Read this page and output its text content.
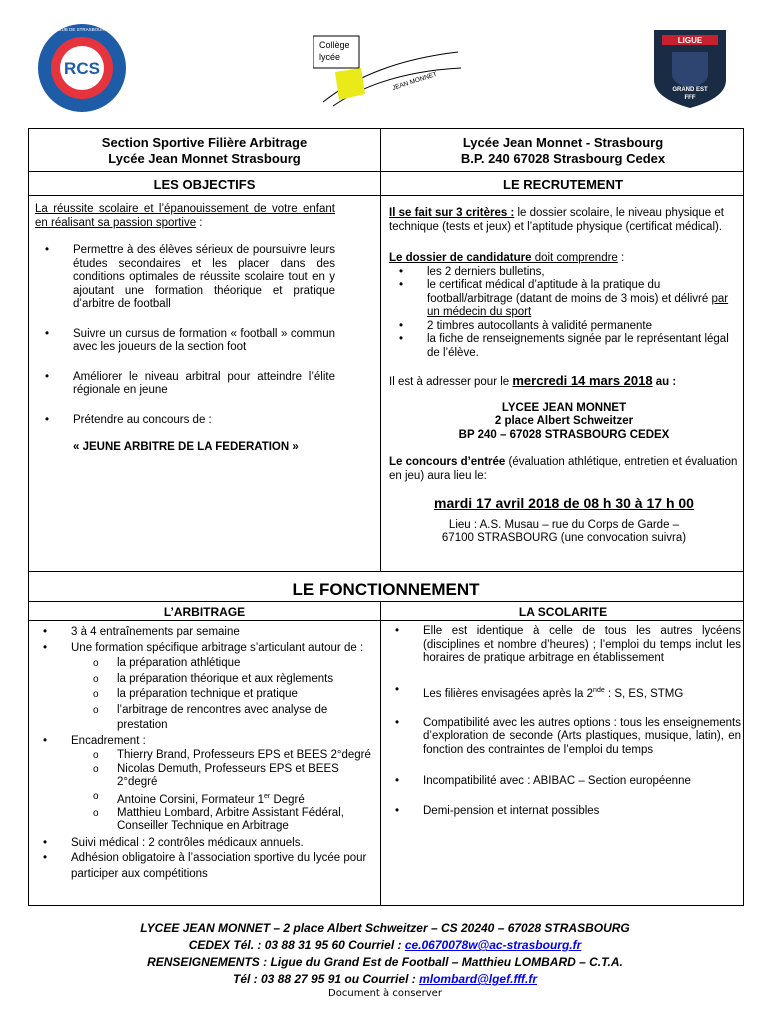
RCS
RACING CLUB DE STRASBOURG ALSACE
Collège
lycée
JEAN MONNET
LIGUE
GRAND EST
FFF
Section Sportive Filière Arbitrage
Lycée Jean Monnet Strasbourg
Lycée Jean Monnet - Strasbourg
B.P. 240 67028 Strasbourg Cedex
LES OBJECTIFS	LE RECRUTEMENT

La réussite scolaire et l’épanouissement de votre enfant en réalisant sa passion sportive :

• Permettre à des élèves sérieux de poursuivre leurs études secondaires et les placer dans des conditions optimales de réussite scolaire tout en y ajoutant une formation théorique et pratique d’arbitre de football
• Suivre un cursus de formation « football » commun avec les joueurs de la section foot
• Améliorer le niveau arbitral pour atteindre l’élite régionale en jeune
• Prétendre au concours de :

« JEUNE ARBITRE DE LA FEDERATION »

Il se fait sur 3 critères : le dossier scolaire, le niveau physique et technique (tests et jeux) et l’aptitude physique (certificat médical).

Le dossier de candidature doit comprendre :

• les 2 derniers bulletins,
• le certificat médical d’aptitude à la pratique du football/arbitrage (datant de moins de 3 mois) et délivré par un médecin du sport
• 2 timbres autocollants à validité permanente
• la fiche de renseignements signée par le représentant légal de l’élève.

Il est à adresser pour le mercredi 14 mars 2018 au :

LYCEE JEAN MONNET
2 place Albert Schweitzer
BP 240 – 67028 STRASBOURG CEDEX

Le concours d’entrée (évaluation athlétique, entretien et évaluation en jeu) aura lieu le:

mardi 17 avril 2018 de 08 h 30 à 17 h 00

Lieu : A.S. Musau – rue du Corps de Garde –
67100 STRASBOURG (une convocation suivra)
LE FONCTIONNEMENT
L’ARBITRAGE	LA SCOLARITE
• 3 à 4 entraînements par semaine
• Une formation spécifique arbitrage s’articulant autour de :
o la préparation athlétique
o la préparation théorique et aux règlements
o la préparation technique et pratique
o l’arbitrage de rencontres avec analyse de prestation
• Encadrement :
o Thierry Brand, Professeurs EPS et BEES 2°degré
o Nicolas Demuth, Professeurs EPS et BEES 2°degré
o Antoine Corsini, Formateur 1er Degré
o Matthieu Lombard, Arbitre Assistant Fédéral, Conseiller Technique en Arbitrage
• Suivi médical : 2 contrôles médicaux annuels.
• Adhésion obligatoire à l’association sportive du lycée pour participer aux compétitions
• Elle est identique à celle de tous les autres lycéens (disciplines et nombre d’heures) ; l’emploi du temps inclut les horaires de pratique arbitrage en établissement
• Les filières envisagées après la 2nde : S, ES, STMG
• Compatibilité avec les autres options : tous les enseignements d’exploration de seconde (Arts plastiques, musique, latin), en fonction des contraintes de l’emploi du temps
• Incompatibilité avec : ABIBAC – Section européenne
• Demi-pension et internat possibles
LYCEE JEAN MONNET – 2 place Albert Schweitzer – CS 20240 – 67028 STRASBOURG
CEDEX Tél. : 03 88 31 95 60 Courriel : ce.0670078w@ac-strasbourg.fr
RENSEIGNEMENTS : Ligue du Grand Est de Football – Matthieu LOMBARD – C.T.A.
Tél : 03 88 27 95 91 ou Courriel : mlombard@lgef.fff.fr
Document à conserver
